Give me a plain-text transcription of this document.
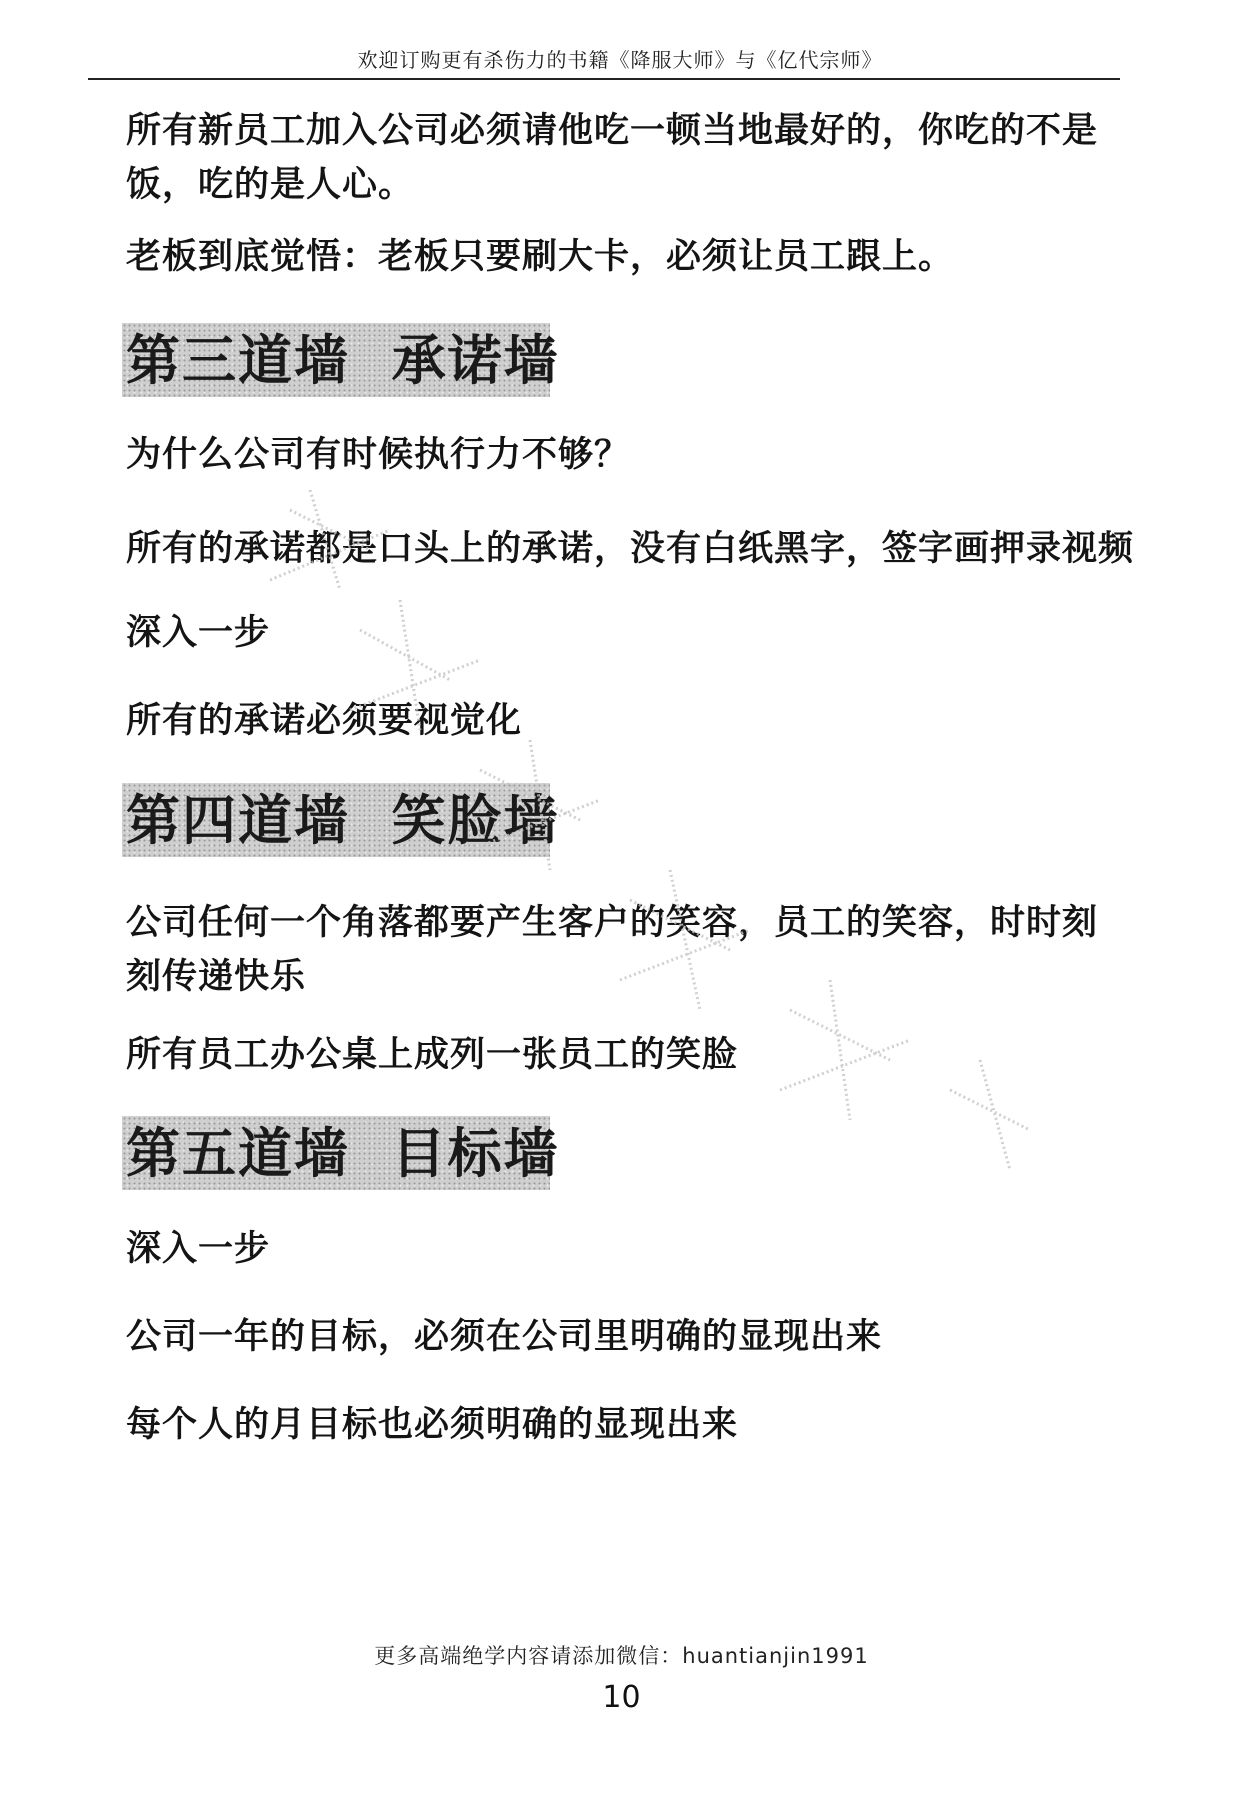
欢迎订购更有杀伤力的书籍《降服大师》与《亿代宗师》
所有新员工加入公司必须请他吃一顿当地最好的，你吃的不是饭，吃的是人心。
老板到底觉悟：老板只要刷大卡，必须让员工跟上。
第三道墙  承诺墙
为什么公司有时候执行力不够？
所有的承诺都是口头上的承诺，没有白纸黑字，签字画押录视频
深入一步
所有的承诺必须要视觉化
第四道墙  笑脸墙
公司任何一个角落都要产生客户的笑容，员工的笑容，时时刻刻传递快乐
所有员工办公桌上成列一张员工的笑脸
第五道墙  目标墙
深入一步
公司一年的目标，必须在公司里明确的显现出来
每个人的月目标也必须明确的显现出来
更多高端绝学内容请添加微信：huantianjin1991
10
